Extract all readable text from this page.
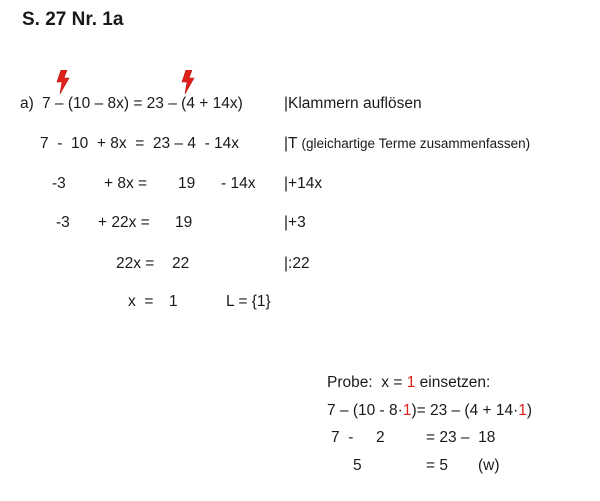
S. 27 Nr. 1a
a) 7 – (10 – 8x) = 23 – (4 + 14x)	|Klammern auflösen
7  -  10  + 8x  =  23 – 4  - 14x	|T (gleichartige Terme zusammenfassen)
-3 + 8x = 19 - 14x |+14x
-3 + 22x = 19	|+3
22x = 22	|:22
x  = 1	L = {1}
Probe:  x = 1 einsetzen:
7 – (10 - 8·1)= 23 – (4 + 14·1)
7  - 2	= 23 –  18
5	= 5 (w)
